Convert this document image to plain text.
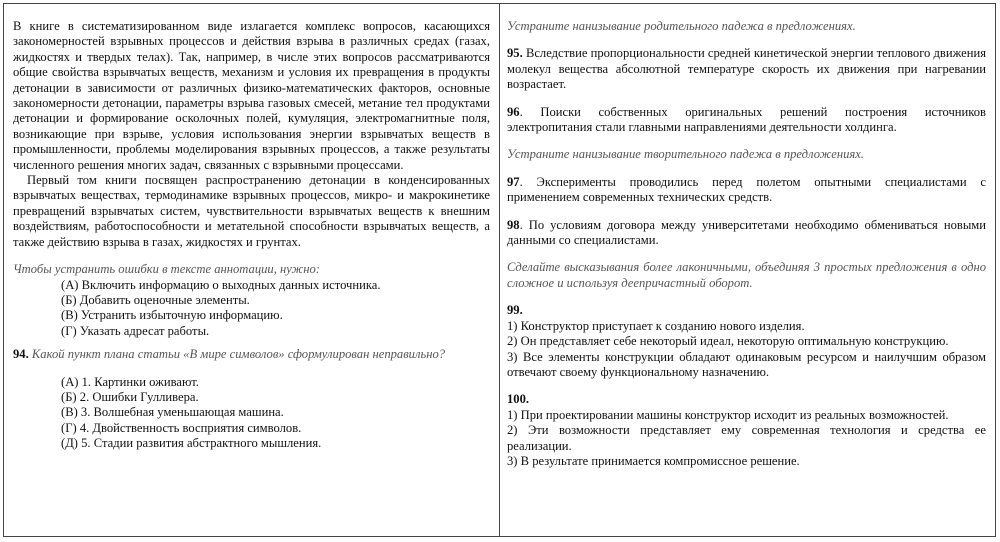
В книге в систематизированном виде излагается комплекс вопросов, касающихся закономерностей взрывных процессов и действия взрыва в различных средах (газах, жидкостях и твердых телах). Так, например, в числе этих вопросов рассматриваются общие свойства взрывчатых веществ, механизм и условия их превращения в продукты детонации в зависимости от различных физико-математических факторов, основные закономерности детонации, параметры взрыва газовых смесей, метание тел продуктами детонации и формирование осколочных полей, кумуляция, электромагнитные поля, возникающие при взрыве, условия использования энергии взрывчатых веществ в промышленности, проблемы моделирования взрывных процессов, а также результаты численного решения многих задач, связанных с взрывными процессами.

Первый том книги посвящен распространению детонации в конденсированных взрывчатых веществах, термодинамике взрывных процессов, микро- и макрокинетике превращений взрывчатых систем, чувствительности взрывчатых веществ к внешним воздействиям, работоспособности и метательной способности взрывчатых веществ, а также действию взрыва в газах, жидкостях и грунтах.

Чтобы устранить ошибки в тексте аннотации, нужно:

(А) Включить информацию о выходных данных источника.

(Б) Добавить оценочные элементы.

(В) Устранить избыточную информацию.

(Г) Указать адресат работы.

94. Какой пункт плана статьи «В мире символов» сформулирован неправильно?

(А) 1. Картинки оживают.

(Б) 2. Ошибки Гулливера.

(В) 3. Волшебная уменьшающая машина.

(Г) 4. Двойственность восприятия символов.

(Д) 5. Стадии развития абстрактного мышления.

Устраните нанизывание родительного падежа в предложениях.

95. Вследствие пропорциональности средней кинетической энергии теплового движения молекул вещества абсолютной температуре скорость их движения при нагревании возрастает.

96. Поиски собственных оригинальных решений построения источников электропитания стали главными направлениями деятельности холдинга.

Устраните нанизывание творительного падежа в предложениях.

97. Эксперименты проводились перед полетом опытными специалистами с применением современных технических средств.

98. По условиям договора между университетами необходимо обмениваться новыми данными со специалистами.

Сделайте высказывания более лаконичными, объединяя 3 простых предложения в одно сложное и используя деепричастный оборот.

99.

1) Конструктор приступает к созданию нового изделия.

2) Он представляет себе некоторый идеал, некоторую оптимальную конструкцию.

3) Все элементы конструкции обладают одинаковым ресурсом и наилучшим образом отвечают своему функциональному назначению.

100.

1) При проектировании машины конструктор исходит из реальных возможностей.

2) Эти возможности представляет ему современная технология и средства ее реализации.

3) В результате принимается компромиссное решение.
